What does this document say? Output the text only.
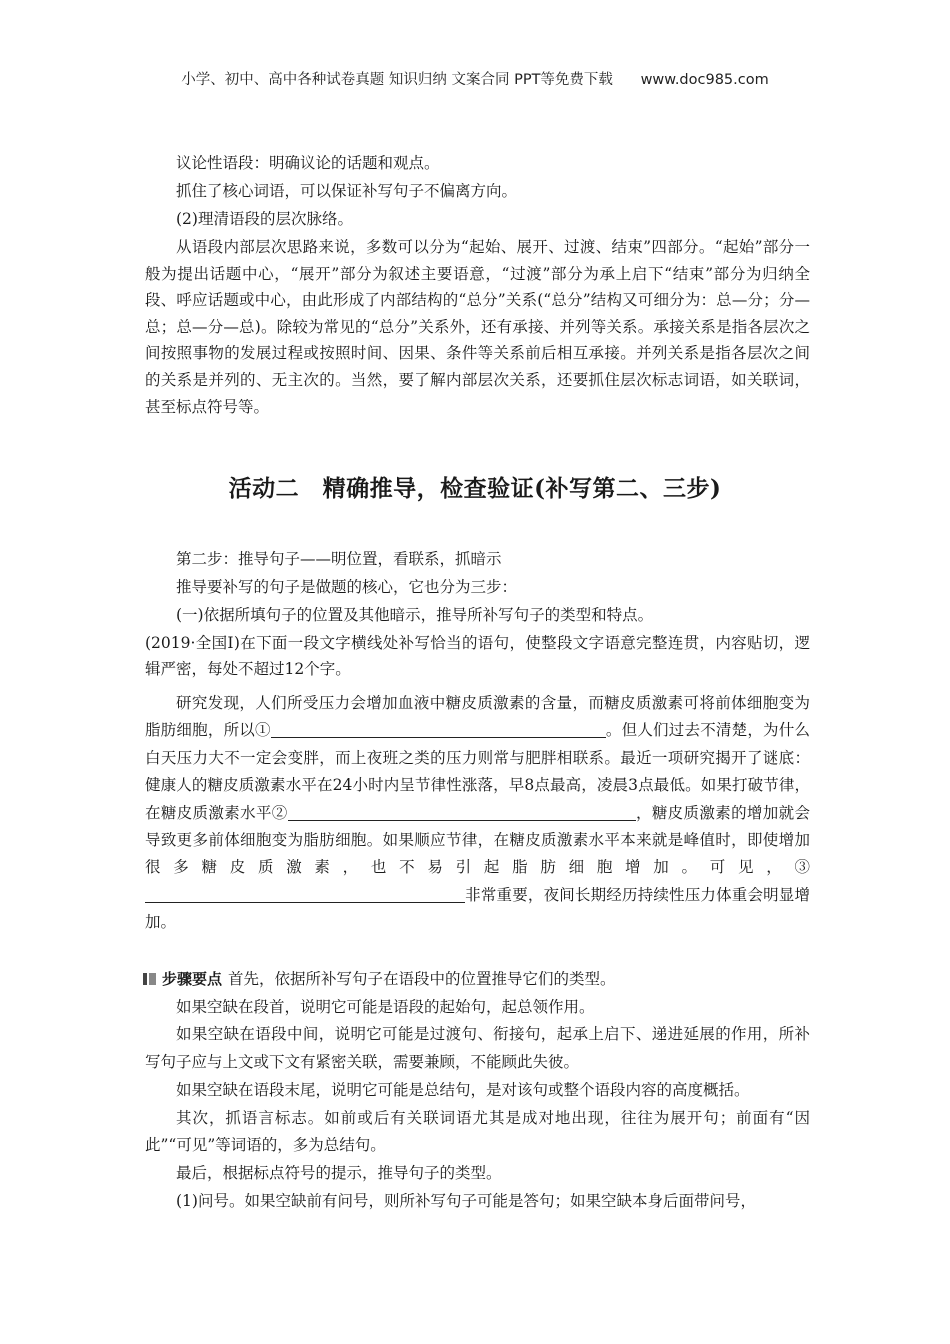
小学、初中、高中各种试卷真题 知识归纳 文案合同 PPT等免费下载      www.doc985.com

议论性语段：明确议论的话题和观点。

抓住了核心词语，可以保证补写句子不偏离方向。

(2)理清语段的层次脉络。

从语段内部层次思路来说，多数可以分为“起始、展开、过渡、结束”四部分。“起始”部分一般为提出话题中心，“展开”部分为叙述主要语意，“过渡”部分为承上启下“结束”部分为归纳全段、呼应话题或中心，由此形成了内部结构的“总分”关系(“总分”结构又可细分为：总—分；分—总；总—分—总)。除较为常见的“总分”关系外，还有承接、并列等关系。承接关系是指各层次之间按照事物的发展过程或按照时间、因果、条件等关系前后相互承接。并列关系是指各层次之间的关系是并列的、无主次的。当然，要了解内部层次关系，还要抓住层次标志词语，如关联词，甚至标点符号等。

活动二　精确推导，检查验证(补写第二、三步)

第二步：推导句子——明位置，看联系，抓暗示

推导要补写的句子是做题的核心，它也分为三步：

(一)依据所填句子的位置及其他暗示，推导所补写句子的类型和特点。

(2019·全国Ⅰ)在下面一段文字横线处补写恰当的语句，使整段文字语意完整连贯，内容贴切，逻辑严密，每处不超过12个字。

研究发现，人们所受压力会增加血液中糖皮质激素的含量，而糖皮质激素可将前体细胞变为脂肪细胞，所以①	。但人们过去不清楚，为什么白天压力大不一定会变胖，而上夜班之类的压力则常与肥胖相联系。最近一项研究揭开了谜底：健康人的糖皮质激素水平在24小时内呈节律性涨落，早8点最高，凌晨3点最低。如果打破节律，在糖皮质激素水平②	，糖皮质激素的增加就会导致更多前体细胞变为脂肪细胞。如果顺应节律，在糖皮质激素水平本来就是峰值时，即使增加很多糖皮质激素，也不易引起脂肪细胞增加。可见，③非常重要，夜间长期经历持续性压力体重会明显增加。

步骤要点 首先，依据所补写句子在语段中的位置推导它们的类型。

如果空缺在段首，说明它可能是语段的起始句，起总领作用。

如果空缺在语段中间，说明它可能是过渡句、衔接句，起承上启下、递进延展的作用，所补写句子应与上文或下文有紧密关联，需要兼顾，不能顾此失彼。

如果空缺在语段末尾，说明它可能是总结句，是对该句或整个语段内容的高度概括。

其次，抓语言标志。如前或后有关联词语尤其是成对地出现，往往为展开句；前面有“因此”“可见”等词语的，多为总结句。

最后，根据标点符号的提示，推导句子的类型。

(1)问号。如果空缺前有问号，则所补写句子可能是答句；如果空缺本身后面带问号，
